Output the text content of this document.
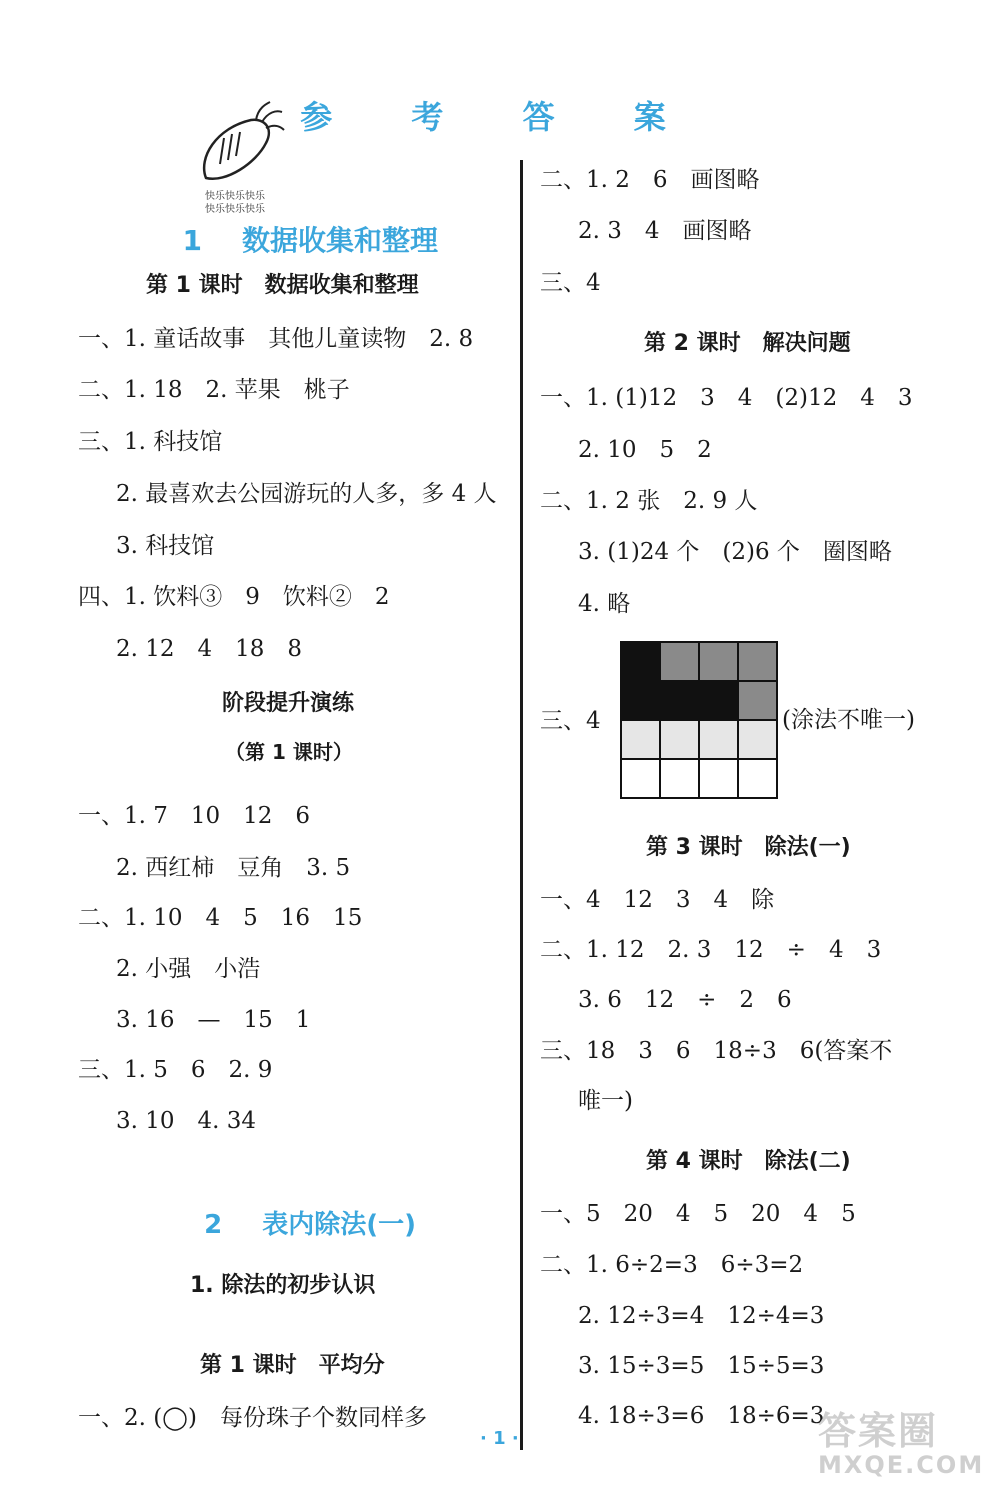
参 考 答 案
快乐快乐快乐
快乐快乐快乐

1 数据收集和整理

第 1 课时　数据收集和整理
一、1. 童话故事　其他儿童读物　2. 8
二、1. 18　2. 苹果　桃子
三、1. 科技馆
2. 最喜欢去公园游玩的人多，多 4 人
3. 科技馆
四、1. 饮料③　9　饮料②　2
2. 12　4　18　8
阶段提升演练
（第 1 课时）
一、1. 7　10　12　6
2. 西红柿　豆角　3. 5
二、1. 10　4　5　16　15
2. 小强　小浩
3. 16　—　15　1
三、1. 5　6　2. 9
3. 10　4. 34

2 表内除法(一)

1. 除法的初步认识
第 1 课时　平均分
一、2. (◯)　每份珠子个数同样多
二、1. 2　6　画图略
2. 3　4　画图略
三、4
第 2 课时　解决问题
一、1. (1)12　3　4　(2)12　4　3
2. 10　5　2
二、1. 2 张　2. 9 人
3. (1)24 个　(2)6 个　圈图略
4. 略
三、4

				(涂法不唯一)
第 3 课时　除法(一)
一、4　12　3　4　除
二、1. 12　2. 3　12　÷　4　3
3. 6　12　÷　2　6
三、18　3　6　18÷3　6(答案不
唯一)
第 4 课时　除法(二)
一、5　20　4　5　20　4　5
二、1. 6÷2=3　6÷3=2
2. 12÷3=4　12÷4=3
3. 15÷3=5　15÷5=3
4. 18÷3=6　18÷6=3
· 1 ·	答案圈
MXQE.COM
